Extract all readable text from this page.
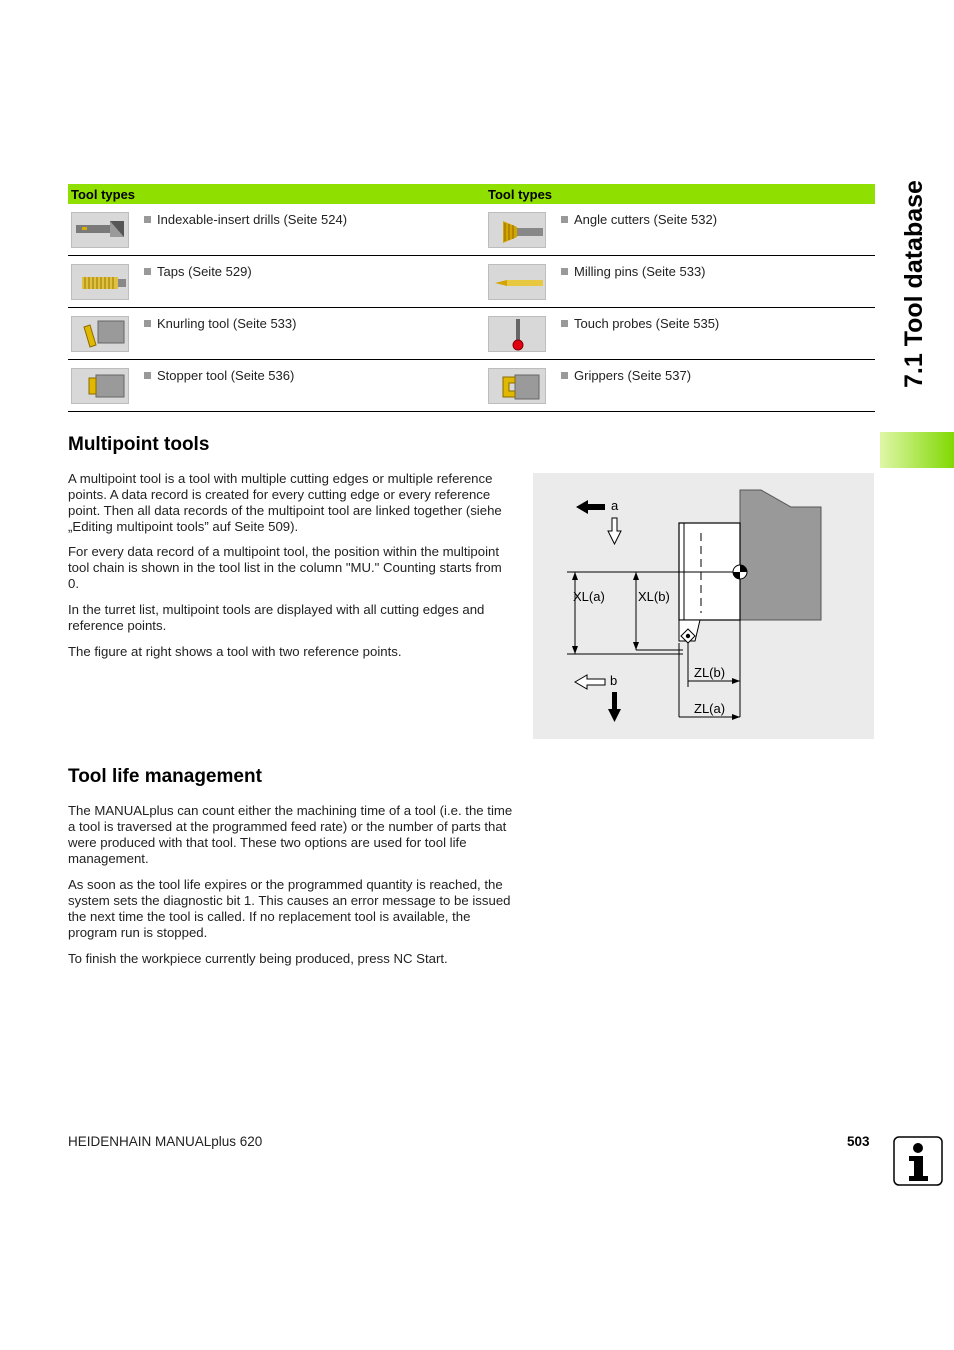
Tool types	Tool types

Indexable-insert drills (Seite 524)	Angle cutters (Seite 532)

Taps (Seite 529)	Milling pins (Seite 533)

Knurling tool (Seite 533)	Touch probes (Seite 535)

Stopper tool (Seite 536)	Grippers (Seite 537)	7.1 Tool database
Multipoint tools

A multipoint tool is a tool with multiple cutting edges or multiple reference points. A data record is created for every cutting edge or every reference point. Then all data records of the multipoint tool are linked together (siehe „Editing multipoint tools” auf Seite 509).

For every data record of a multipoint tool, the position within the multipoint tool chain is shown in the tool list in the column "MU." Counting starts from 0.

In the turret list, multipoint tools are displayed with all cutting edges and reference points.

The figure at right shows a tool with two reference points.

XL(a)	XL(b)
ZL(b)
ZL(a)
a
b
Tool life management

The MANUALplus can count either the machining time of a tool (i.e. the time a tool is traversed at the programmed feed rate) or the number of parts that were produced with that tool. These two options are used for tool life management.

As soon as the tool life expires or the programmed quantity is reached, the system sets the diagnostic bit 1. This causes an error message to be issued the next time the tool is called. If no replacement tool is available, the program run is stopped.

To finish the workpiece currently being produced, press NC Start.

HEIDENHAIN MANUALplus 620	503
